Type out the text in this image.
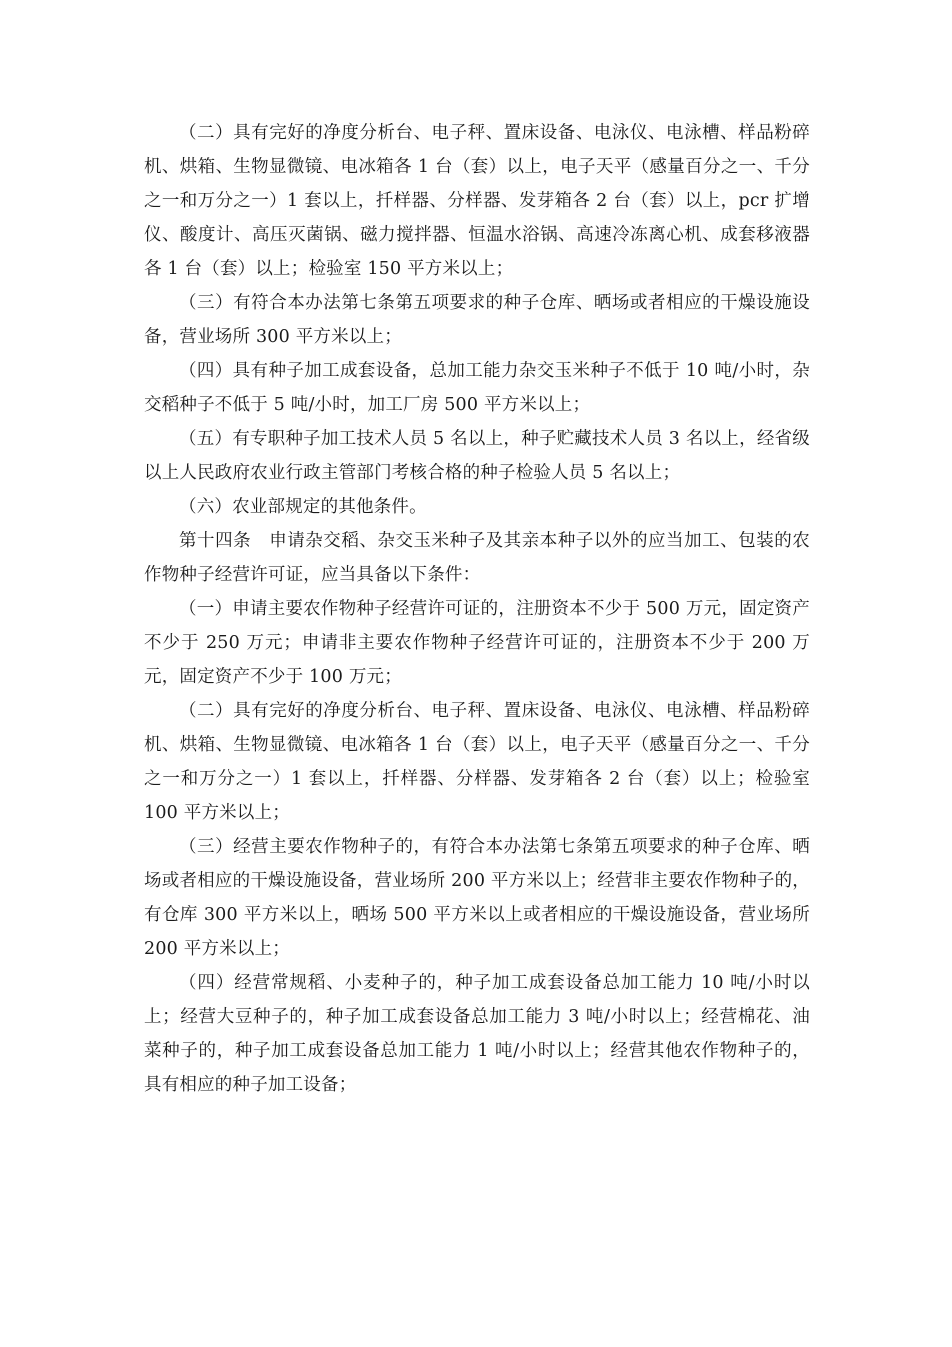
（二）具有完好的净度分析台、电子秤、置床设备、电泳仪、电泳槽、样品粉碎机、烘箱、生物显微镜、电冰箱各 1 台（套）以上，电子天平（感量百分之一、千分之一和万分之一）1 套以上，扦样器、分样器、发芽箱各 2 台（套）以上，pcr 扩增仪、酸度计、高压灭菌锅、磁力搅拌器、恒温水浴锅、高速冷冻离心机、成套移液器各 1 台（套）以上；检验室 150 平方米以上；

（三）有符合本办法第七条第五项要求的种子仓库、晒场或者相应的干燥设施设备，营业场所 300 平方米以上；

（四）具有种子加工成套设备，总加工能力杂交玉米种子不低于 10 吨/小时，杂交稻种子不低于 5 吨/小时，加工厂房 500 平方米以上；

（五）有专职种子加工技术人员 5 名以上，种子贮藏技术人员 3 名以上，经省级以上人民政府农业行政主管部门考核合格的种子检验人员 5 名以上；

（六）农业部规定的其他条件。

第十四条　申请杂交稻、杂交玉米种子及其亲本种子以外的应当加工、包装的农作物种子经营许可证，应当具备以下条件：

（一）申请主要农作物种子经营许可证的，注册资本不少于 500 万元，固定资产不少于 250 万元；申请非主要农作物种子经营许可证的，注册资本不少于 200 万元，固定资产不少于 100 万元；

（二）具有完好的净度分析台、电子秤、置床设备、电泳仪、电泳槽、样品粉碎机、烘箱、生物显微镜、电冰箱各 1 台（套）以上，电子天平（感量百分之一、千分之一和万分之一）1 套以上，扦样器、分样器、发芽箱各 2 台（套）以上；检验室 100 平方米以上；

（三）经营主要农作物种子的，有符合本办法第七条第五项要求的种子仓库、晒场或者相应的干燥设施设备，营业场所 200 平方米以上；经营非主要农作物种子的，有仓库 300 平方米以上，晒场 500 平方米以上或者相应的干燥设施设备，营业场所 200 平方米以上；

（四）经营常规稻、小麦种子的，种子加工成套设备总加工能力 10 吨/小时以上；经营大豆种子的，种子加工成套设备总加工能力 3 吨/小时以上；经营棉花、油菜种子的，种子加工成套设备总加工能力 1 吨/小时以上；经营其他农作物种子的，具有相应的种子加工设备；
